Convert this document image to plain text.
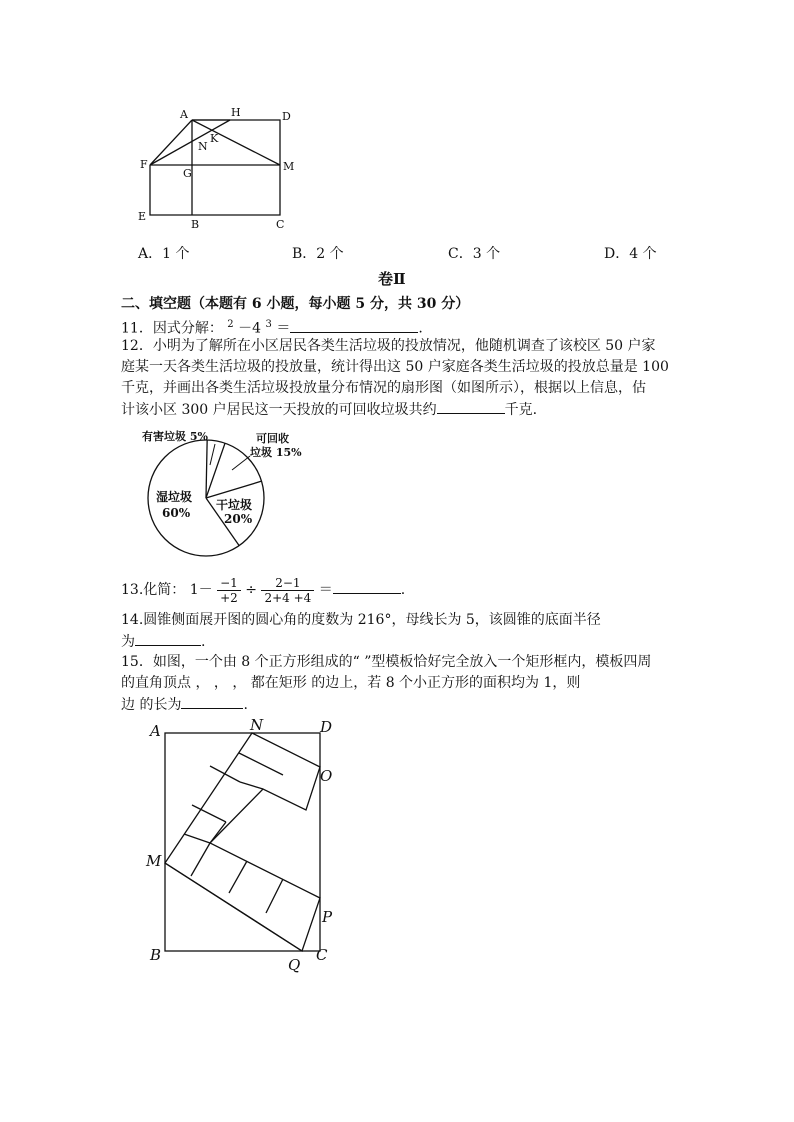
A	H	D
K
N
F	M
G
E
B	C
A．1 个	B．2 个	C．3 个	D．4 个
卷Ⅱ
二、填空题（本题有 6 小题，每小题 5 分，共 30 分）
11．因式分解： $^2$ －4 $^3$ ＝	.
12．小明为了解所在小区居民各类生活垃圾的投放情况，他随机调查了该校区 50 户家
庭某一天各类生活垃圾的投放量，统计得出这 50 户家庭各类生活垃圾的投放总量是 100
千克，并画出各类生活垃圾投放量分布情况的扇形图（如图所示），根据以上信息，估
计该小区 300 户居民这一天投放的可回收垃圾共约	千克.
有害垃圾 5%	可回收
垃圾 15%
干垃圾
20%
湿垃圾
60%
13.化简： $1- \frac{-1}{+2} \div \frac{2-1}{2+4 +4}$ ＝	.
14.圆锥侧面展开图的圆心角的度数为 216°，母线长为 5，该圆锥的底面半径
为	.
15．如图，一个由 8 个正方形组成的“ ”型模板恰好完全放入一个矩形框内，模板四周
的直角顶点 ， ， ， 都在矩形 的边上，若 8 个小正方形的面积均为 1，则
边 的长为	.
A	N	D
O
M
P
B
Q
C
